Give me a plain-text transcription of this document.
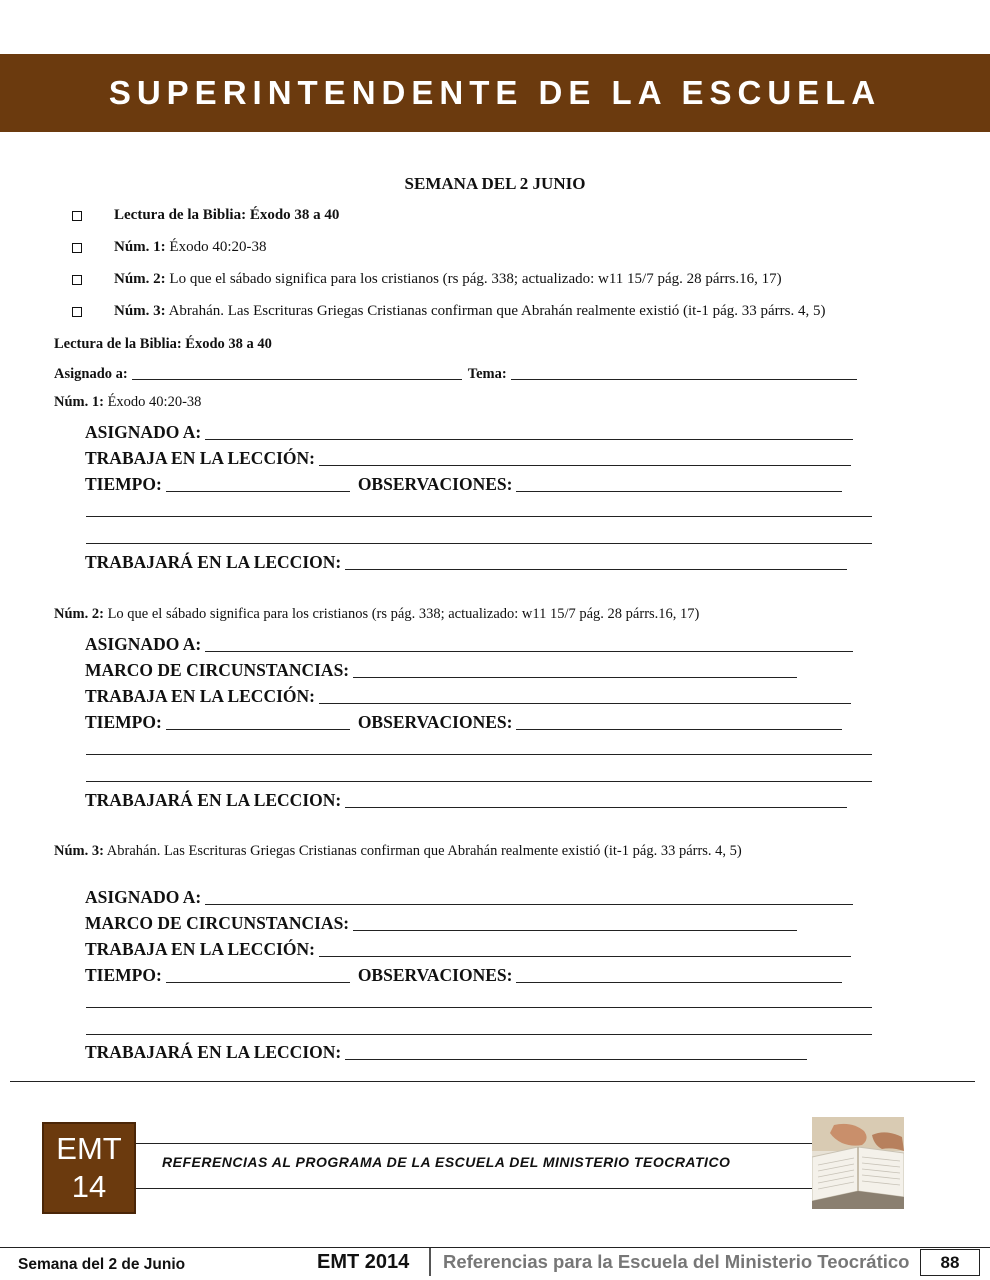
SUPERINTENDENTE DE LA ESCUELA
SEMANA DEL 2 JUNIO
Lectura de la Biblia: Éxodo 38 a 40
Núm. 1: Éxodo 40:20-38
Núm. 2: Lo que el sábado significa para los cristianos (rs pág. 338; actualizado: w11 15/7 pág. 28 párrs.16, 17)
Núm. 3: Abrahán. Las Escrituras Griegas Cristianas confirman que Abrahán realmente existió (it-1 pág. 33 párrs. 4, 5)
Lectura de la Biblia: Éxodo 38 a 40
Asignado a:	Tema:
Núm. 1: Éxodo 40:20-38
ASIGNADO A:
TRABAJA EN LA LECCIÓN:
TIEMPO:	OBSERVACIONES:
TRABAJARÁ EN LA LECCION:
Núm. 2: Lo que el sábado significa para los cristianos (rs pág. 338; actualizado: w11 15/7 pág. 28 párrs.16, 17)
ASIGNADO A:
MARCO DE CIRCUNSTANCIAS:
TRABAJA EN LA LECCIÓN:
TIEMPO:	OBSERVACIONES:
TRABAJARÁ EN LA LECCION:
Núm. 3: Abrahán. Las Escrituras Griegas Cristianas confirman que Abrahán realmente existió (it-1 pág. 33 párrs. 4, 5)
ASIGNADO A:
MARCO DE CIRCUNSTANCIAS:
TRABAJA EN LA LECCIÓN:
TIEMPO:	OBSERVACIONES:
TRABAJARÁ EN LA LECCION:
EMT
14
REFERENCIAS AL PROGRAMA DE LA ESCUELA DEL MINISTERIO TEOCRATICO
Semana del 2 de Junio	EMT 2014 Referencias para la Escuela del Ministerio Teocrático	88
